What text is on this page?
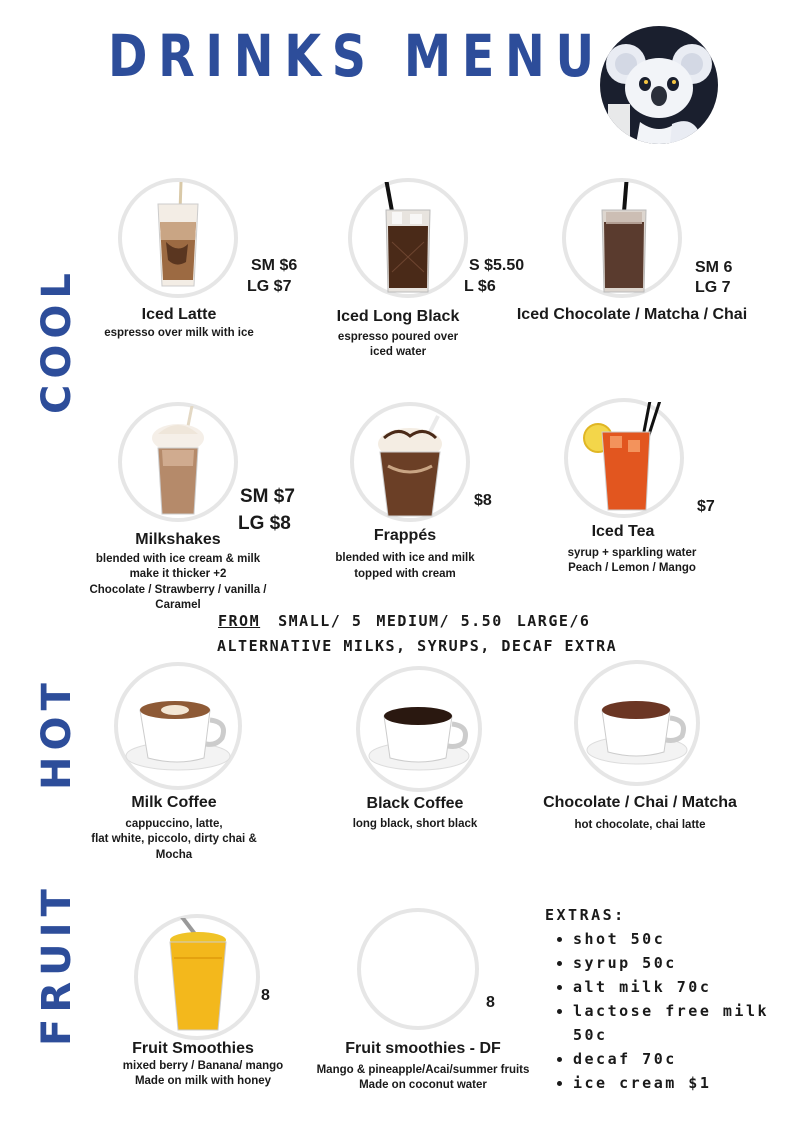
DRINKS MENU
COOL
HOT
FRUIT
SM $6
LG $7
Iced Latte
espresso over milk with ice
S $5.50
L $6
Iced Long Black
espresso poured over
iced water
SM 6
LG 7
Iced Chocolate / Matcha / Chai
SM $7
LG $8
Milkshakes
blended with ice cream & milk
make it thicker +2
Chocolate / Strawberry / vanilla /
Caramel
$8
Frappés
blended with ice and milk
topped with cream
$7
Iced Tea
syrup + sparkling water
Peach / Lemon / Mango
FROM SMALL/ 5 MEDIUM/ 5.50 LARGE/6
ALTERNATIVE MILKS, SYRUPS, DECAF EXTRA
Milk Coffee
cappuccino, latte,
flat white, piccolo, dirty chai &
Mocha
Black Coffee
long black, short black
Chocolate / Chai / Matcha
hot chocolate, chai latte
8
Fruit Smoothies
mixed berry / Banana/ mango
Made on milk with honey
8
Fruit smoothies - DF
Mango & pineapple/Acai/summer fruits
Made on coconut water
EXTRAS:
• shot 50c
• syrup 50c
• alt milk 70c
• lactose free milk 50c
• decaf 70c
• ice cream $1
